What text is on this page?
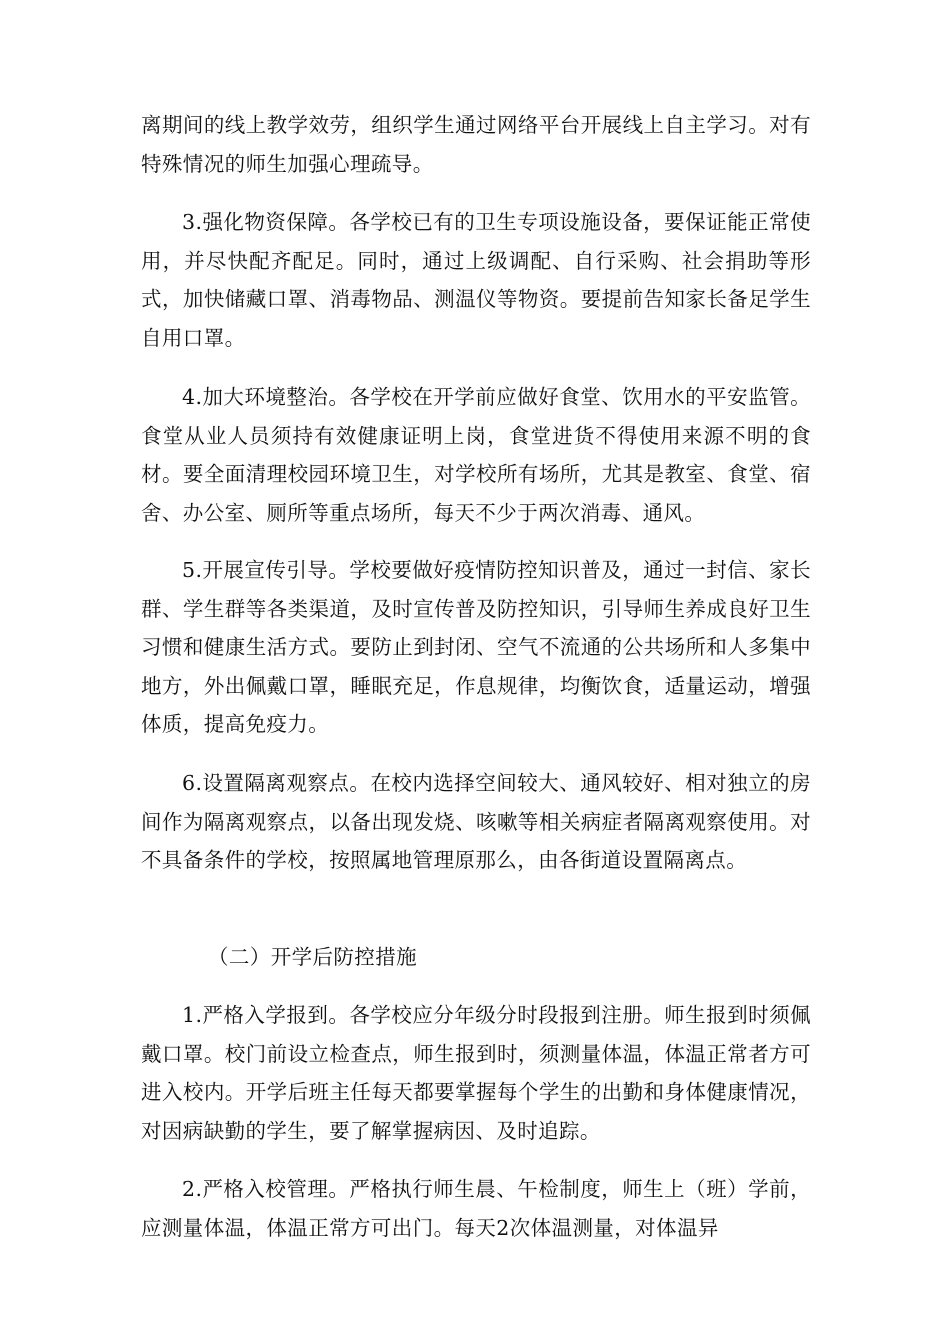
离期间的线上教学效劳，组织学生通过网络平台开展线上自主学习。对有特殊情况的师生加强心理疏导。

3.强化物资保障。各学校已有的卫生专项设施设备，要保证能正常使用，并尽快配齐配足。同时，通过上级调配、自行采购、社会捐助等形式，加快储藏口罩、消毒物品、测温仪等物资。要提前告知家长备足学生自用口罩。

4.加大环境整治。各学校在开学前应做好食堂、饮用水的平安监管。食堂从业人员须持有效健康证明上岗，食堂进货不得使用来源不明的食材。要全面清理校园环境卫生，对学校所有场所，尤其是教室、食堂、宿舍、办公室、厕所等重点场所，每天不少于两次消毒、通风。

5.开展宣传引导。学校要做好疫情防控知识普及，通过一封信、家长群、学生群等各类渠道，及时宣传普及防控知识，引导师生养成良好卫生习惯和健康生活方式。要防止到封闭、空气不流通的公共场所和人多集中地方，外出佩戴口罩，睡眠充足，作息规律，均衡饮食，适量运动，增强体质，提高免疫力。

6.设置隔离观察点。在校内选择空间较大、通风较好、相对独立的房间作为隔离观察点，以备出现发烧、咳嗽等相关病症者隔离观察使用。对不具备条件的学校，按照属地管理原那么，由各街道设置隔离点。

（二）开学后防控措施

1.严格入学报到。各学校应分年级分时段报到注册。师生报到时须佩戴口罩。校门前设立检查点，师生报到时，须测量体温，体温正常者方可进入校内。开学后班主任每天都要掌握每个学生的出勤和身体健康情况，对因病缺勤的学生，要了解掌握病因、及时追踪。

2.严格入校管理。严格执行师生晨、午检制度，师生上（班）学前，应测量体温，体温正常方可出门。每天2次体温测量，对体温异
